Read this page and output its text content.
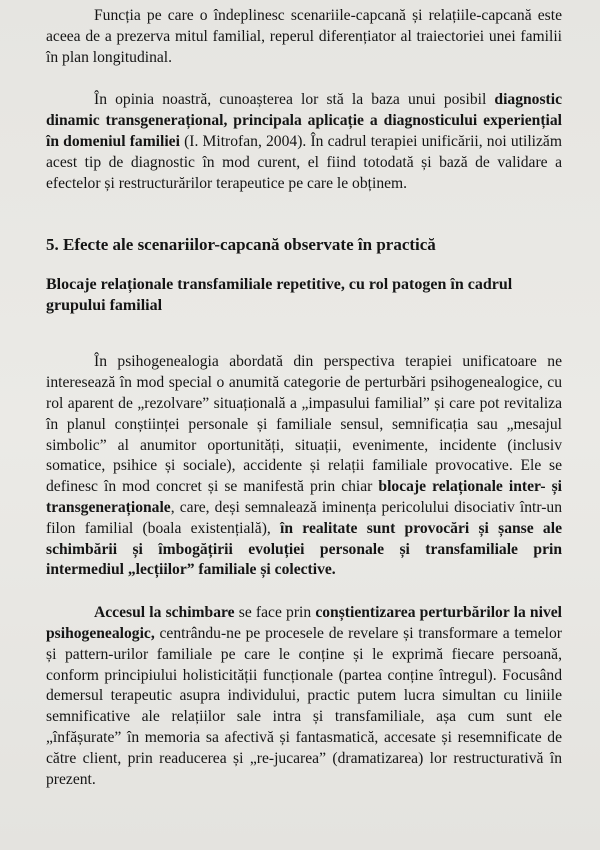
Funcția pe care o îndeplinesc scenariile-capcană și relațiile-capcană este aceea de a prezerva mitul familial, reperul diferențiator al traiectoriei unei familii în plan longitudinal.

În opinia noastră, cunoașterea lor stă la baza unui posibil diagnostic dinamic transgenerațional, principala aplicație a diagnosticului experiențial în domeniul familiei (I. Mitrofan, 2004). În cadrul terapiei unificării, noi utilizăm acest tip de diagnostic în mod curent, el fiind totodată și bază de validare a efectelor și restructurărilor terapeutice pe care le obținem.

5. Efecte ale scenariilor-capcană observate în practică
Blocaje relaționale transfamiliale repetitive, cu rol patogen în cadrul grupului familial

În psihogenealogia abordată din perspectiva terapiei unificatoare ne interesează în mod special o anumită categorie de perturbări psihogenealogice, cu rol aparent de „rezolvare” situațională a „impasului familial” și care pot revitaliza în planul conștiinței personale și familiale sensul, semnificația sau „mesajul simbolic” al anumitor oportunități, situații, evenimente, incidente (inclusiv somatice, psihice și sociale), accidente și relații familiale provocative. Ele se definesc în mod concret și se manifestă prin chiar blocaje relaționale inter- și transgeneraționale, care, deși semnalează iminența pericolului disociativ într-un filon familial (boala existențială), în realitate sunt provocări și șanse ale schimbării și îmbogățirii evoluției personale și transfamiliale prin intermediul „lecțiilor” familiale și colective.

Accesul la schimbare se face prin conștientizarea perturbărilor la nivel psihogenealogic, centrându-ne pe procesele de revelare și transformare a temelor și pattern-urilor familiale pe care le conține și le exprimă fiecare persoană, conform principiului holisticității funcționale (partea conține întregul). Focusând demersul terapeutic asupra individului, practic putem lucra simultan cu liniile semnificative ale relațiilor sale intra și transfamiliale, așa cum sunt ele „înfășurate” în memoria sa afectivă și fantasmatică, accesate și resemnificate de către client, prin readucerea și „re-jucarea” (dramatizarea) lor restructurativă în prezent.
